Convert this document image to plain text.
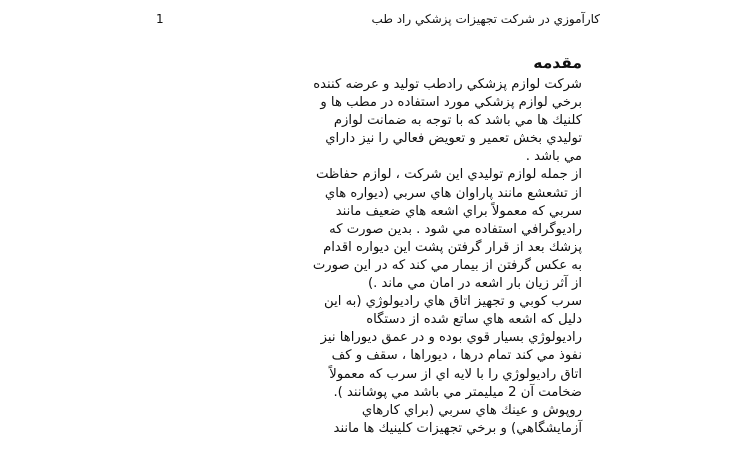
كارآموزي در شركت تجهيزات پزشكي راد طب
1
مقدمه

شركت لوازم پزشكي رادطب توليد و عرضه كننده

برخي لوازم پزشكي مورد استفاده در مطب ها و

كلنيك ها مي باشد كه با توجه به ضمانت لوازم

توليدي بخش تعمير و تعويض فعالي را نيز داراي

مي باشد .

از جمله لوازم توليدي اين شركت ، لوازم حفاظت

از تشعشع مانند پاراوان هاي سربي (ديواره هاي

سربي كه معمولاً براي اشعه هاي ضعيف مانند

راديوگرافي استفاده مي شود . بدين صورت كه

پزشك بعد از قرار گرفتن پشت اين ديواره اقدام

به عكس گرفتن از بيمار مي كند كه در اين صورت

از آثر زيان بار اشعه در امان مي ماند .)

سرب كوبي و تجهيز اتاق هاي راديولوژي (به اين

دليل كه اشعه هاي ساتع شده از دستگاه

راديولوژي بسيار قوي بوده و در عمق ديوراها نيز

نفوذ مي كند تمام درها ، ديوراها ، سقف و كف

اتاق راديولوژي را با لايه اي از سرب كه معمولاً

ضخامت آن 2 ميليمتر مي باشد مي پوشانند ).

روپوش و عينك هاي سربي (براي كارهاي

آزمايشگاهي) و برخي تجهيزات كلينيك ها مانند
